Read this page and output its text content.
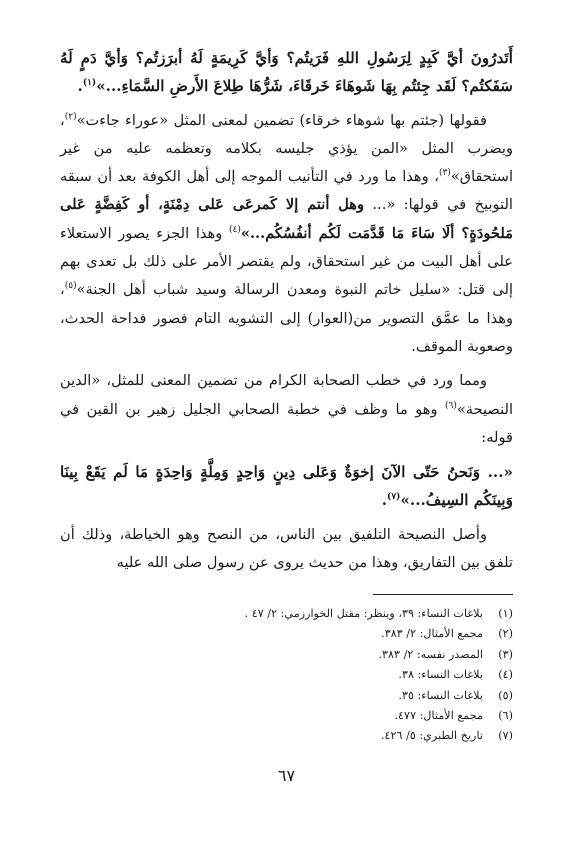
أَتَدرُونَ أيَّ كَبِدٍ لِرَسُولِ اللهِ فَرَيتُم؟ وَأيَّ كَرِيمَةٍ لَهُ أبرَزتُم؟ وَأيَّ دَمٍ لَهُ سَفَكتُم؟ لَقَد جِئتُم بِهَا شَوهَاءَ خَرقَاءَ، شَرُّهَا طِلاعَ الأَرضِ السَّمَاءِ...»$^{(١)}$.

فقولها (جئتم بها شوهاء خرقاء) تضمين لمعنى المثل «عوراء جاءت»$^{(٢)}$، ويضرب المثل «المن يؤذي جليسه بكلامه وتعظمه عليه من غير استحقاق»$^{(٣)}$، وهذا ما ورد في التأنيب الموجه إلى أهل الكوفة بعد أن سبقه التوبيخ في قولها: «... وهل أنتم إلا كَمرعَى عَلى دِمْنَةٍ، أو كَفِضَّةٍ عَلى مَلحُودَةٍ؟ ألَا سَاءَ مَا قَدَّمَت لَكُم أنفُسُكُم...»$^{(٤)}$ وهذا الجزء يصور الاستعلاء على أهل البيت من غير استحقاق، ولم يقتصر الأمر على ذلك بل تعدى بهم إلى قتل: «سليل خاتم النبوة ومعدن الرسالة وسيد شباب أهل الجنة»$^{(٥)}$، وهذا ما عمَّق التصوير من(العوار) إلى التشويه التام فصور فداحة الحدث، وصعوبة الموقف.

ومما ورد في خطب الصحابة الكرام من تضمين المعنى للمثل، «الدين النصيحة»$^{(٦)}$ وهو ما وظف في خطبة الصحابي الجليل زهير بن القين في قوله:

«... وَنَحنُ حَتّى الآنَ إخوَةٌ وَعَلى دِينٍ وَاحِدٍ وَمِلَّةٍ وَاحِدَةٍ مَا لَم يَقَعْ بِينَا وَبِينَكُم السِيفُ...»$^{(٧)}$.

وأصل النصيحة التلفيق بين الناس، من النصح وهو الخياطة، وذلك أن تلفق بين التفاريق، وهذا من حديث يروى عن رسول صلى الله عليه

(١)
بلاغات النساء: ٣٩، وينظر: مقتل الخوارزمي: ٢/ ٤٧ .
(٢)
مجمع الأمثال: ٢/ ٣٨٣.
(٣)
المصدر نفسه: ٢/ ٣٨٣.
(٤)
بلاغات النساء: ٣٨.
(٥)
بلاغات النساء: ٣٥.
(٦)
مجمع الأمثال: ٤٧٧.
(٧)
تاريخ الطبري: ٥/ ٤٢٦.
٦٧
